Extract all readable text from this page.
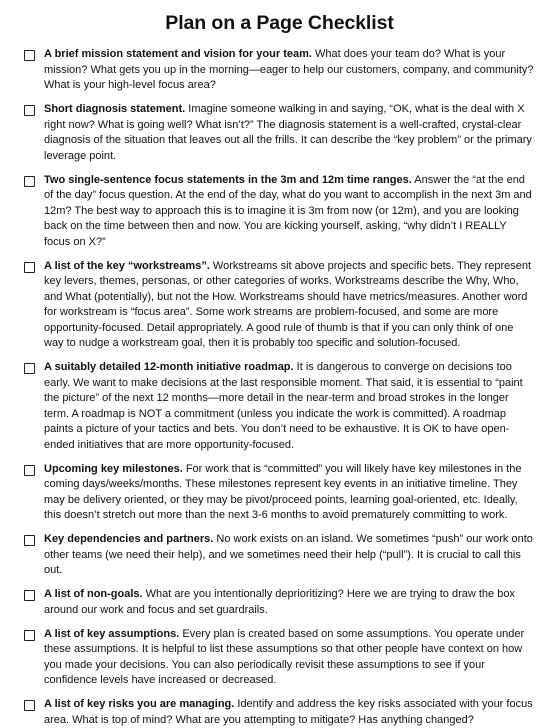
Plan on a Page Checklist

A brief mission statement and vision for your team. What does your team do? What is your mission? What gets you up in the morning—eager to help our customers, company, and community? What is your high-level focus area?

Short diagnosis statement. Imagine someone walking in and saying, “OK, what is the deal with X right now? What is going well? What isn’t?” The diagnosis statement is a well-crafted, crystal-clear diagnosis of the situation that leaves out all the frills. It can describe the “key problem” or the primary leverage point.

Two single-sentence focus statements in the 3m and 12m time ranges. Answer the “at the end of the day” focus question. At the end of the day, what do you want to accomplish in the next 3m and 12m? The best way to approach this is to imagine it is 3m from now (or 12m), and you are looking back on the time between then and now. You are kicking yourself, asking, “why didn’t I REALLY focus on X?”

A list of the key “workstreams”. Workstreams sit above projects and specific bets. They represent key levers, themes, personas, or other categories of works. Workstreams describe the Why, Who, and What (potentially), but not the How. Workstreams should have metrics/measures. Another word for workstream is “focus area”. Some work streams are problem-focused, and some are more opportunity-focused. Detail appropriately. A good rule of thumb is that if you can only think of one way to nudge a workstream goal, then it is probably too specific and solution-focused.

A suitably detailed 12-month initiative roadmap. It is dangerous to converge on decisions too early. We want to make decisions at the last responsible moment. That said, it is essential to “paint the picture” of the next 12 months—more detail in the near-term and broad strokes in the longer term. A roadmap is NOT a commitment (unless you indicate the work is committed). A roadmap paints a picture of your tactics and bets. You don’t need to be exhaustive. It is OK to have open-ended initiatives that are more opportunity-focused.

Upcoming key milestones. For work that is “committed” you will likely have key milestones in the coming days/weeks/months. These milestones represent key events in an initiative timeline. They may be delivery oriented, or they may be pivot/proceed points, learning goal-oriented, etc. Ideally, this doesn’t stretch out more than the next 3-6 months to avoid prematurely committing to work.

Key dependencies and partners. No work exists on an island. We sometimes “push” our work onto other teams (we need their help), and we sometimes need their help (“pull”). It is crucial to call this out.

A list of non-goals. What are you intentionally deprioritizing? Here we are trying to draw the box around our work and focus and set guardrails.

A list of key assumptions. Every plan is created based on some assumptions. You operate under these assumptions. It is helpful to list these assumptions so that other people have context on how you made your decisions. You can also periodically revisit these assumptions to see if your confidence levels have increased or decreased.

A list of key risks you are managing. Identify and address the key risks associated with your focus area. What is top of mind? What are you attempting to mitigate? Has anything changed?
